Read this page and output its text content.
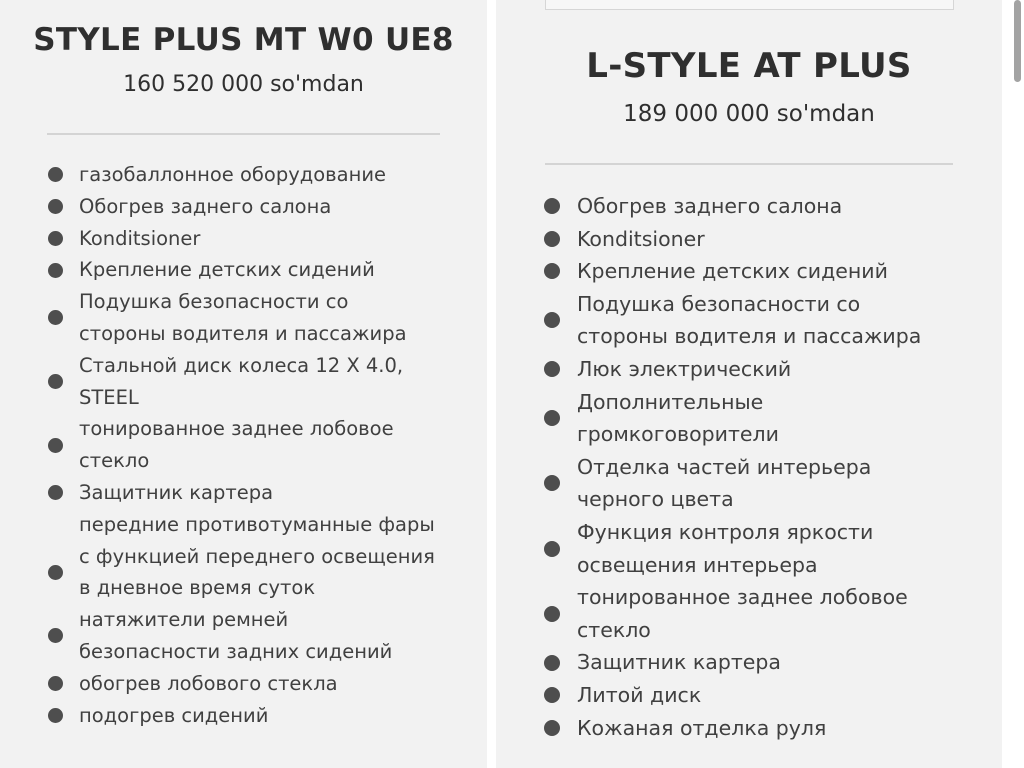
STYLE PLUS MT W0 UE8
160 520 000 so'mdan
газобаллонное оборудование
Обогрев заднего салона
Konditsioner
Крепление детских сидений
Подушка безопасности со
стороны водителя и пассажира
Стальной диск колеса 12 X 4.0,
STEEL
тонированное заднее лобовое
стекло
Защитник картера
передние противотуманные фары
с функцией переднего освещения
в дневное время суток
натяжители ремней
безопасности задних сидений
обогрев лобового стекла
подогрев сидений
L-STYLE AT PLUS
189 000 000 so'mdan
Обогрев заднего салона
Konditsioner
Крепление детских сидений
Подушка безопасности со
стороны водителя и пассажира
Люк электрический
Дополнительные
громкоговорители
Отделка частей интерьера
черного цвета
Функция контроля яркости
освещения интерьера
тонированное заднее лобовое
стекло
Защитник картера
Литой диск
Кожаная отделка руля
